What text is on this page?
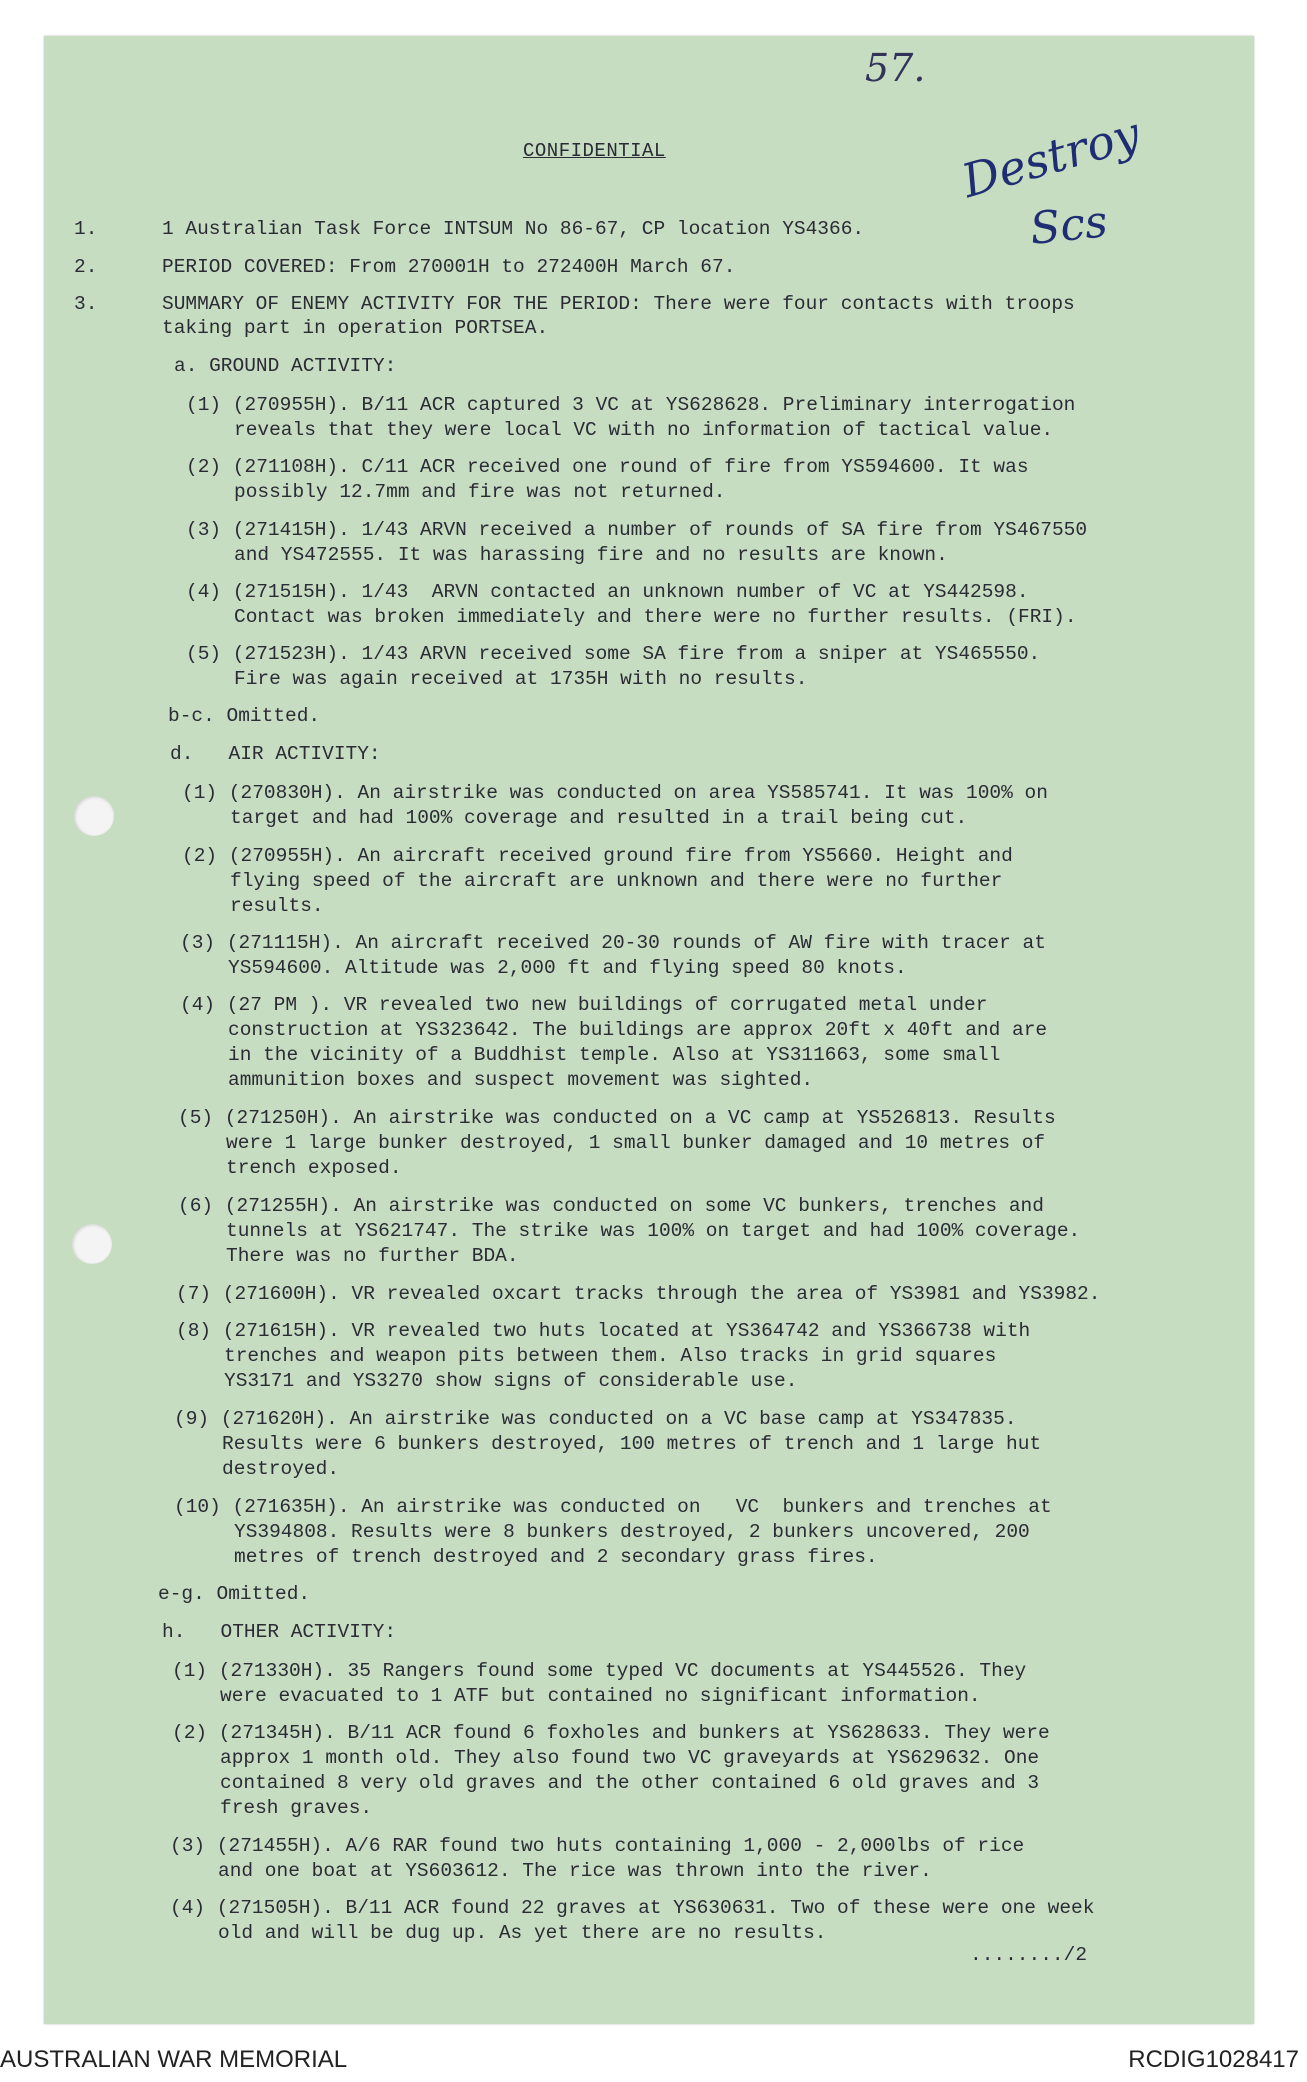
57.
CONFIDENTIAL	Destroy
Scs
1.	1 Australian Task Force INTSUM No 86-67, CP location YS4366.
2.	PERIOD COVERED: From 270001H to 272400H March 67.
3.	SUMMARY OF ENEMY ACTIVITY FOR THE PERIOD: There were four contacts with troops
taking part in operation PORTSEA.
a. GROUND ACTIVITY:
(1) (270955H). B/11 ACR captured 3 VC at YS628628. Preliminary interrogation
reveals that they were local VC with no information of tactical value.
(2) (271108H). C/11 ACR received one round of fire from YS594600. It was
possibly 12.7mm and fire was not returned.
(3) (271415H). 1/43 ARVN received a number of rounds of SA fire from YS467550
and YS472555. It was harassing fire and no results are known.
(4) (271515H). 1/43  ARVN contacted an unknown number of VC at YS442598.
Contact was broken immediately and there were no further results. (FRI).
(5) (271523H). 1/43 ARVN received some SA fire from a sniper at YS465550.
Fire was again received at 1735H with no results.
b-c. Omitted.
d.   AIR ACTIVITY:
(1) (270830H). An airstrike was conducted on area YS585741. It was 100% on
target and had 100% coverage and resulted in a trail being cut.
(2) (270955H). An aircraft received ground fire from YS5660. Height and
flying speed of the aircraft are unknown and there were no further
results.
(3) (271115H). An aircraft received 20-30 rounds of AW fire with tracer at
YS594600. Altitude was 2,000 ft and flying speed 80 knots.
(4) (27 PM ). VR revealed two new buildings of corrugated metal under
construction at YS323642. The buildings are approx 20ft x 40ft and are
in the vicinity of a Buddhist temple. Also at YS311663, some small
ammunition boxes and suspect movement was sighted.
(5) (271250H). An airstrike was conducted on a VC camp at YS526813. Results
were 1 large bunker destroyed, 1 small bunker damaged and 10 metres of
trench exposed.
(6) (271255H). An airstrike was conducted on some VC bunkers, trenches and
tunnels at YS621747. The strike was 100% on target and had 100% coverage.
There was no further BDA.
(7) (271600H). VR revealed oxcart tracks through the area of YS3981 and YS3982.
(8) (271615H). VR revealed two huts located at YS364742 and YS366738 with
trenches and weapon pits between them. Also tracks in grid squares
YS3171 and YS3270 show signs of considerable use.
(9) (271620H). An airstrike was conducted on a VC base camp at YS347835.
Results were 6 bunkers destroyed, 100 metres of trench and 1 large hut
destroyed.
(10) (271635H). An airstrike was conducted on   VC  bunkers and trenches at
YS394808. Results were 8 bunkers destroyed, 2 bunkers uncovered, 200
metres of trench destroyed and 2 secondary grass fires.
e-g. Omitted.
h.   OTHER ACTIVITY:
(1) (271330H). 35 Rangers found some typed VC documents at YS445526. They
were evacuated to 1 ATF but contained no significant information.
(2) (271345H). B/11 ACR found 6 foxholes and bunkers at YS628633. They were
approx 1 month old. They also found two VC graveyards at YS629632. One
contained 8 very old graves and the other contained 6 old graves and 3
fresh graves.
(3) (271455H). A/6 RAR found two huts containing 1,000 - 2,000lbs of rice
and one boat at YS603612. The rice was thrown into the river.
(4) (271505H). B/11 ACR found 22 graves at YS630631. Two of these were one week
old and will be dug up. As yet there are no results.
......../2
AUSTRALIAN WAR MEMORIAL	RCDIG1028417
